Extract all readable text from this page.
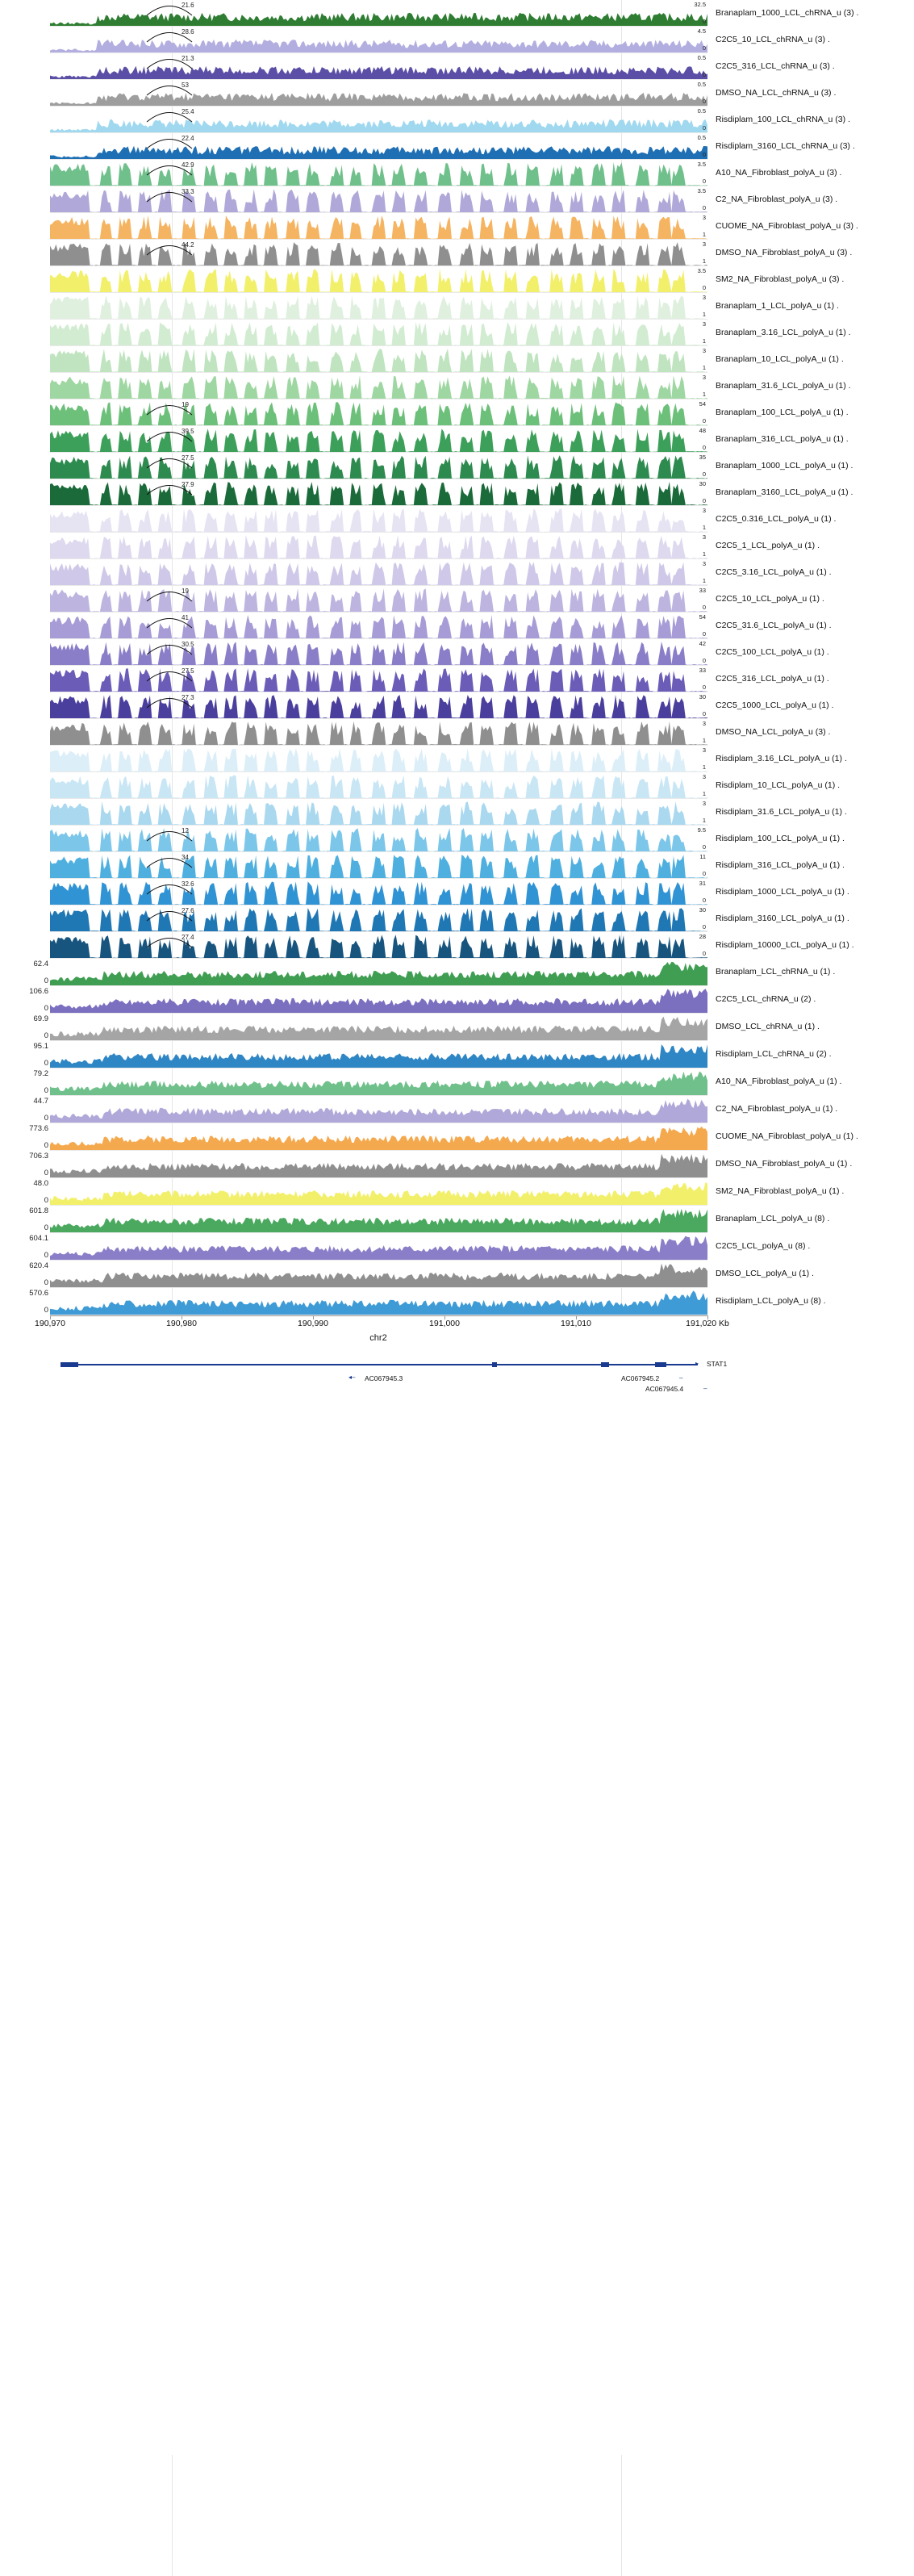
21.6	32.5
0
Branaplam_1000_LCL_chRNA_u (3) .
28.6	4.5
0
C2C5_10_LCL_chRNA_u (3) .
21.3	0.5
0
C2C5_316_LCL_chRNA_u (3) .
53	0.5
0
DMSO_NA_LCL_chRNA_u (3) .
25.4	0.5
0
Risdiplam_100_LCL_chRNA_u (3) .
22.4	0.5
0
Risdiplam_3160_LCL_chRNA_u (3) .
42.9	3.5
0
A10_NA_Fibroblast_polyA_u (3) .
33.3	3.5
0
C2_NA_Fibroblast_polyA_u (3) .
3
1
CUOME_NA_Fibroblast_polyA_u (3) .
44.2	3
1
DMSO_NA_Fibroblast_polyA_u (3) .
3.5
0
SM2_NA_Fibroblast_polyA_u (3) .
3
1
Branaplam_1_LCL_polyA_u (1) .
3
1
Branaplam_3.16_LCL_polyA_u (1) .
3
1
Branaplam_10_LCL_polyA_u (1) .
3
1
Branaplam_31.6_LCL_polyA_u (1) .
19	54
0
Branaplam_100_LCL_polyA_u (1) .
39.5	48
0
Branaplam_316_LCL_polyA_u (1) .
27.5	35
0
Branaplam_1000_LCL_polyA_u (1) .
27.9	30
0
Branaplam_3160_LCL_polyA_u (1) .
3
1
C2C5_0.316_LCL_polyA_u (1) .
3
1
C2C5_1_LCL_polyA_u (1) .
3
1
C2C5_3.16_LCL_polyA_u (1) .
19	33
0
C2C5_10_LCL_polyA_u (1) .
41	54
0
C2C5_31.6_LCL_polyA_u (1) .
30.5	42
0
C2C5_100_LCL_polyA_u (1) .
27.5	33
0
C2C5_316_LCL_polyA_u (1) .
27.3	30
0
C2C5_1000_LCL_polyA_u (1) .
3
1
DMSO_NA_LCL_polyA_u (3) .
3
1
Risdiplam_3.16_LCL_polyA_u (1) .
3
1
Risdiplam_10_LCL_polyA_u (1) .
3
1
Risdiplam_31.6_LCL_polyA_u (1) .
12	9.5
0
Risdiplam_100_LCL_polyA_u (1) .
34	11
0
Risdiplam_316_LCL_polyA_u (1) .
32.6	31
0
Risdiplam_1000_LCL_polyA_u (1) .
27.6	30
0
Risdiplam_3160_LCL_polyA_u (1) .
27.4	28
0
Risdiplam_10000_LCL_polyA_u (1) .
62.4
0
Branaplam_LCL_chRNA_u (1) .
106.6
0
C2C5_LCL_chRNA_u (2) .
69.9
0
DMSO_LCL_chRNA_u (1) .
95.1
0
Risdiplam_LCL_chRNA_u (2) .
79.2
0
A10_NA_Fibroblast_polyA_u (1) .
44.7
0
C2_NA_Fibroblast_polyA_u (1) .
773.6
0
CUOME_NA_Fibroblast_polyA_u (1) .
706.3
0
DMSO_NA_Fibroblast_polyA_u (1) .
48.0
0
SM2_NA_Fibroblast_polyA_u (1) .
601.8
0
Branaplam_LCL_polyA_u (8) .
604.1
0
C2C5_LCL_polyA_u (8) .
620.4
0
DMSO_LCL_polyA_u (1) .
570.6
0
Risdiplam_LCL_polyA_u (8) .
chr2
190,970	190,980	190,990	191,000	191,010	191,020 Kb
STAT1
▸
◂– AC067945.3	AC067945.2	–
AC067945.4	–
